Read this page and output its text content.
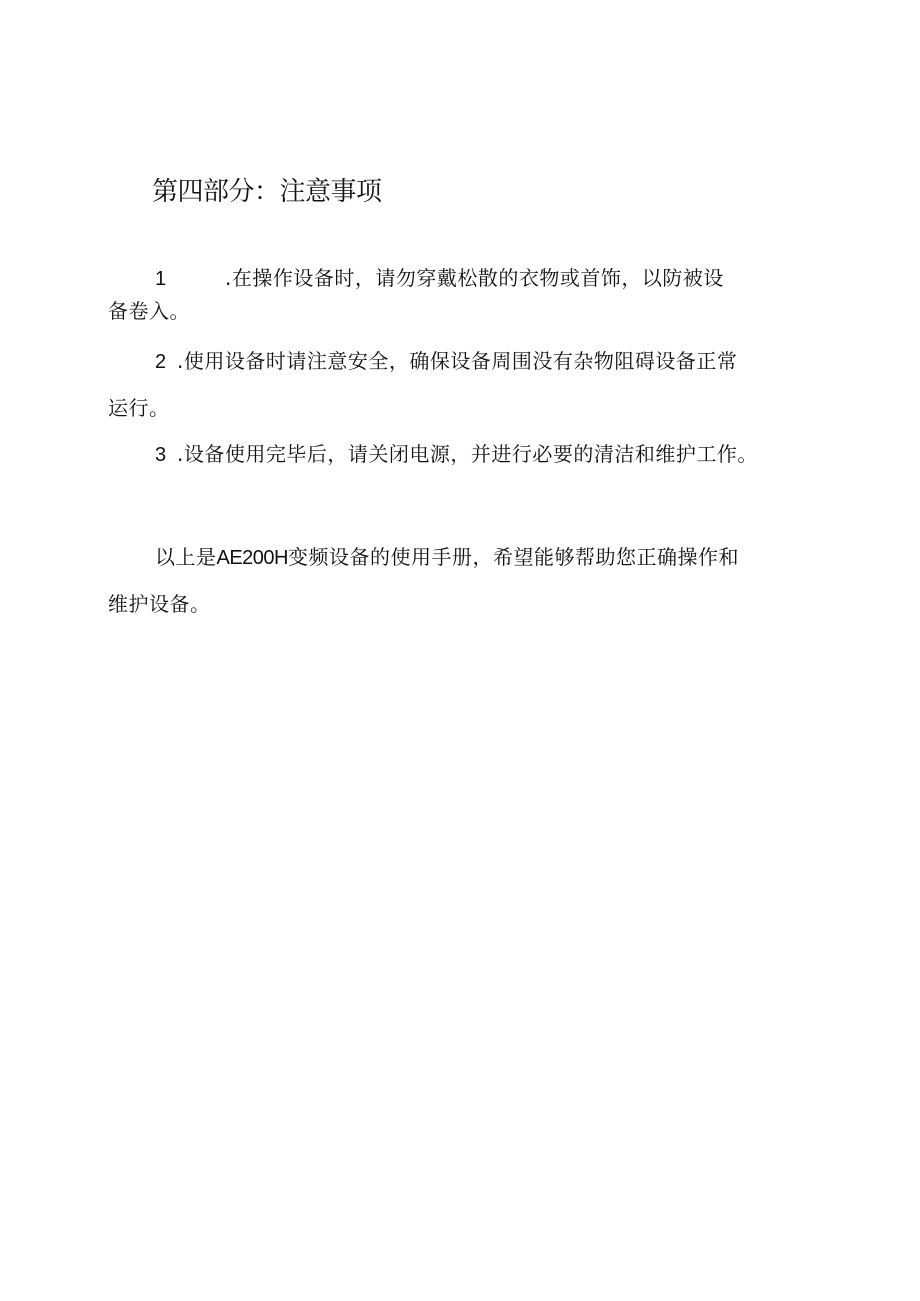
第四部分：注意事项

1	.在操作设备时，请勿穿戴松散的衣物或首饰，以防被设
备卷入。

2 .使用设备时请注意安全，确保设备周围没有杂物阻碍设备正常
运行。

3 .设备使用完毕后，请关闭电源，并进行必要的清洁和维护工作。

以上是AE200H变频设备的使用手册，希望能够帮助您正确操作和
维护设备。
